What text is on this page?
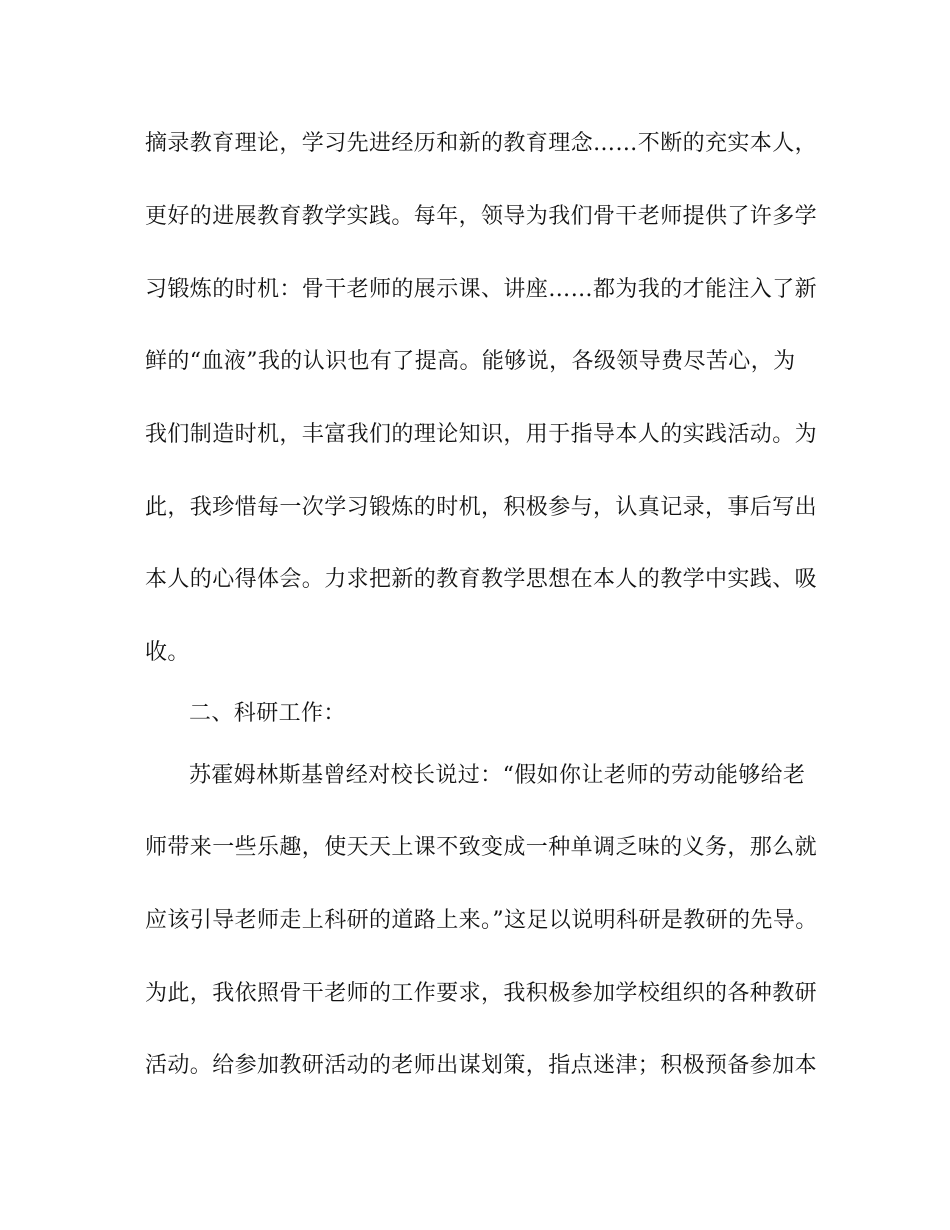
摘录教育理论，学习先进经历和新的教育理念……不断的充实本人，
更好的进展教育教学实践。每年，领导为我们骨干老师提供了许多学
习锻炼的时机：骨干老师的展示课、讲座……都为我的才能注入了新
鲜的“血液”我的认识也有了提高。能够说，各级领导费尽苦心，为
我们制造时机，丰富我们的理论知识，用于指导本人的实践活动。为
此，我珍惜每一次学习锻炼的时机，积极参与，认真记录，事后写出
本人的心得体会。力求把新的教育教学思想在本人的教学中实践、吸
收。
二、科研工作：
苏霍姆林斯基曾经对校长说过：“假如你让老师的劳动能够给老
师带来一些乐趣，使天天上课不致变成一种单调乏味的义务，那么就
应该引导老师走上科研的道路上来。”这足以说明科研是教研的先导。
为此，我依照骨干老师的工作要求，我积极参加学校组织的各种教研
活动。给参加教研活动的老师出谋划策，指点迷津；积极预备参加本
